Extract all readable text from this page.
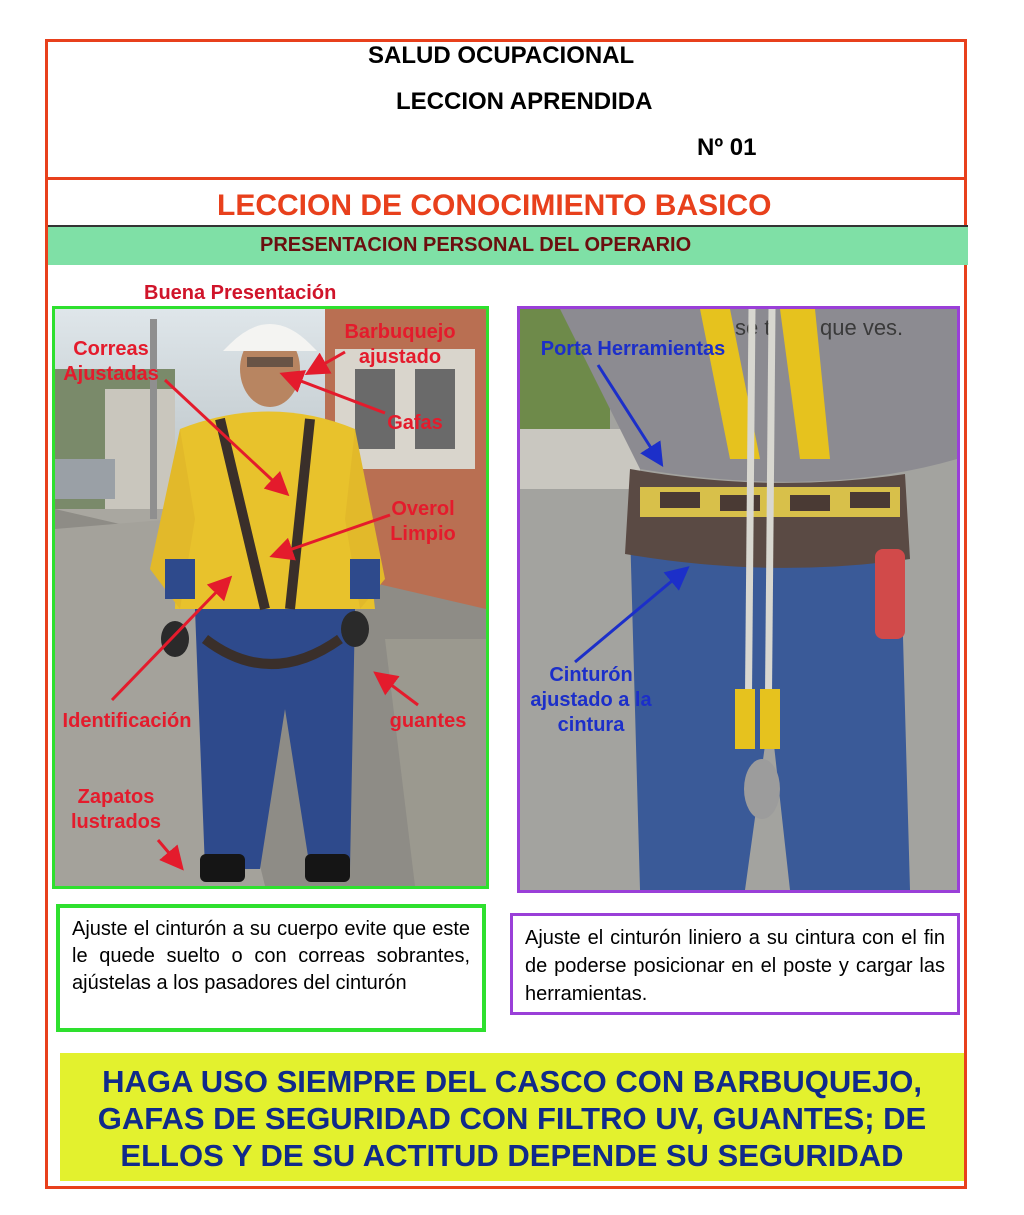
SALUD OCUPACIONAL
LECCION APRENDIDA
Nº 01
LECCION DE CONOCIMIENTO BASICO
PRESENTACION PERSONAL DEL OPERARIO
Buena Presentación
se t que ves.
Correas
Ajustadas
Barbuquejo
ajustado
Gafas
Overol
Limpio
Identificación	guantes
Zapatos
lustrados
Porta Herramientas
Cinturón
ajustado a la
cintura
Ajuste el cinturón a su cuerpo evite que este le quede suelto o con correas sobrantes, ajústelas a los pasadores del cinturón
Ajuste el cinturón liniero a su cintura con el fin de poderse posicionar en el poste y cargar las herramientas.
HAGA USO SIEMPRE DEL CASCO CON BARBUQUEJO, GAFAS DE SEGURIDAD CON FILTRO UV, GUANTES; DE ELLOS Y DE SU ACTITUD DEPENDE SU SEGURIDAD
